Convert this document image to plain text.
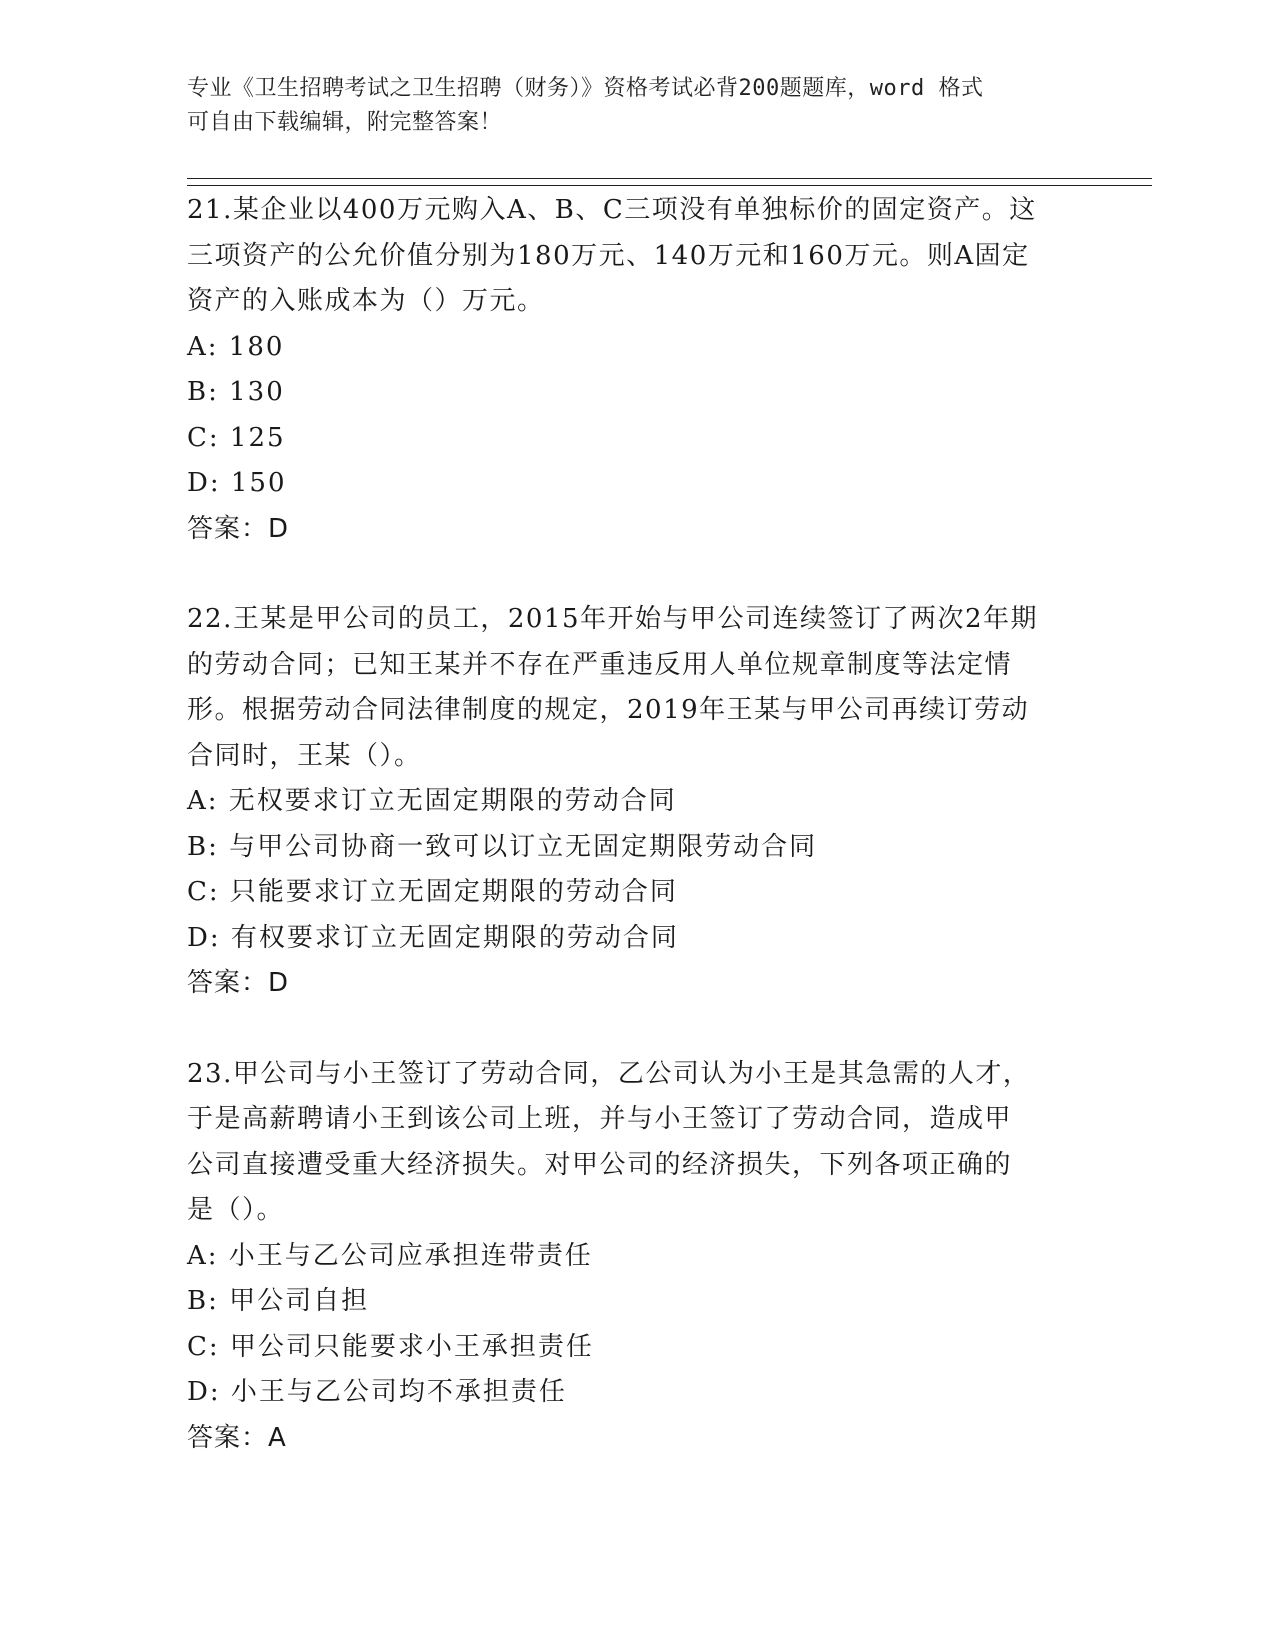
专业《卫生招聘考试之卫生招聘（财务）》资格考试必背200题题库，word 格式
可自由下载编辑，附完整答案！
21.某企业以400万元购入A、B、C三项没有单独标价的固定资产。这
三项资产的公允价值分别为180万元、140万元和160万元。则A固定
资产的入账成本为（）万元。
A: 180
B: 130
C: 125
D: 150
答案：D
22.王某是甲公司的员工，2015年开始与甲公司连续签订了两次2年期
的劳动合同；已知王某并不存在严重违反用人单位规章制度等法定情
形。根据劳动合同法律制度的规定，2019年王某与甲公司再续订劳动
合同时，王某（）。
A: 无权要求订立无固定期限的劳动合同
B: 与甲公司协商一致可以订立无固定期限劳动合同
C: 只能要求订立无固定期限的劳动合同
D: 有权要求订立无固定期限的劳动合同
答案：D
23.甲公司与小王签订了劳动合同，乙公司认为小王是其急需的人才，
于是高薪聘请小王到该公司上班，并与小王签订了劳动合同，造成甲
公司直接遭受重大经济损失。对甲公司的经济损失，下列各项正确的
是（）。
A: 小王与乙公司应承担连带责任
B: 甲公司自担
C: 甲公司只能要求小王承担责任
D: 小王与乙公司均不承担责任
答案：A
